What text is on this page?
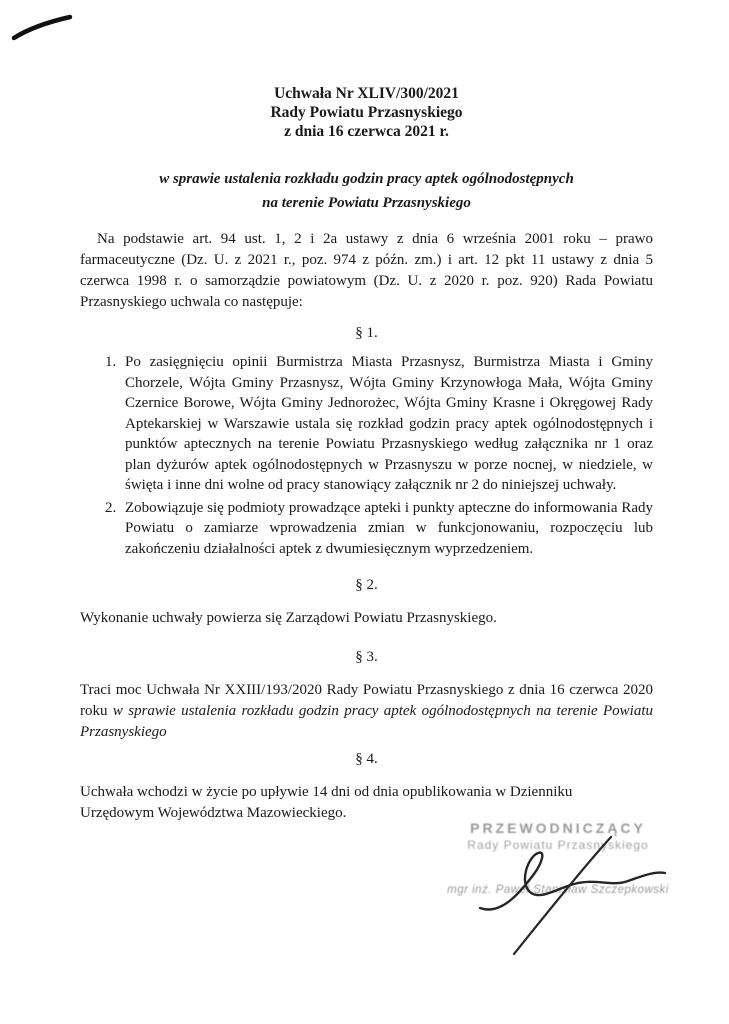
Uchwała Nr XLIV/300/2021
Rady Powiatu Przasnyskiego
z dnia 16 czerwca 2021 r.
w sprawie ustalenia rozkładu godzin pracy aptek ogólnodostępnych
na terenie Powiatu Przasnyskiego

Na podstawie art. 94 ust. 1, 2 i 2a ustawy z dnia 6 września 2001 roku – prawo farmaceutyczne (Dz. U. z 2021 r., poz. 974 z późn. zm.) i art. 12 pkt 11 ustawy z dnia 5 czerwca 1998 r. o samorządzie powiatowym (Dz. U. z 2020 r. poz. 920) Rada Powiatu Przasnyskiego uchwala co następuje:

§ 1.
1. Po zasięgnięciu opinii Burmistrza Miasta Przasnysz, Burmistrza Miasta i Gminy Chorzele, Wójta Gminy Przasnysz, Wójta Gminy Krzynowłoga Mała, Wójta Gminy Czernice Borowe, Wójta Gminy Jednorożec, Wójta Gminy Krasne i Okręgowej Rady Aptekarskiej w Warszawie ustala się rozkład godzin pracy aptek ogólnodostępnych i punktów aptecznych na terenie Powiatu Przasnyskiego według załącznika nr 1 oraz plan dyżurów aptek ogólnodostępnych w Przasnyszu w porze nocnej, w niedziele, w święta i inne dni wolne od pracy stanowiący załącznik nr 2 do niniejszej uchwały.
2. Zobowiązuje się podmioty prowadzące apteki i punkty apteczne do informowania Rady Powiatu o zamiarze wprowadzenia zmian w funkcjonowaniu, rozpoczęciu lub zakończeniu działalności aptek z dwumiesięcznym wyprzedzeniem.
§ 2.

Wykonanie uchwały powierza się Zarządowi Powiatu Przasnyskiego.

§ 3.

Traci moc Uchwała Nr XXIII/193/2020 Rady Powiatu Przasnyskiego z dnia 16 czerwca 2020 roku w sprawie ustalenia rozkładu godzin pracy aptek ogólnodostępnych na terenie Powiatu Przasnyskiego

§ 4.

Uchwała wchodzi w życie po upływie 14 dni od dnia opublikowania w Dzienniku Urzędowym Województwa Mazowieckiego.

PRZEWODNICZĄCY
Rady Powiatu Przasnyskiego
mgr inż. Paweł Stanisław Szczepkowski
